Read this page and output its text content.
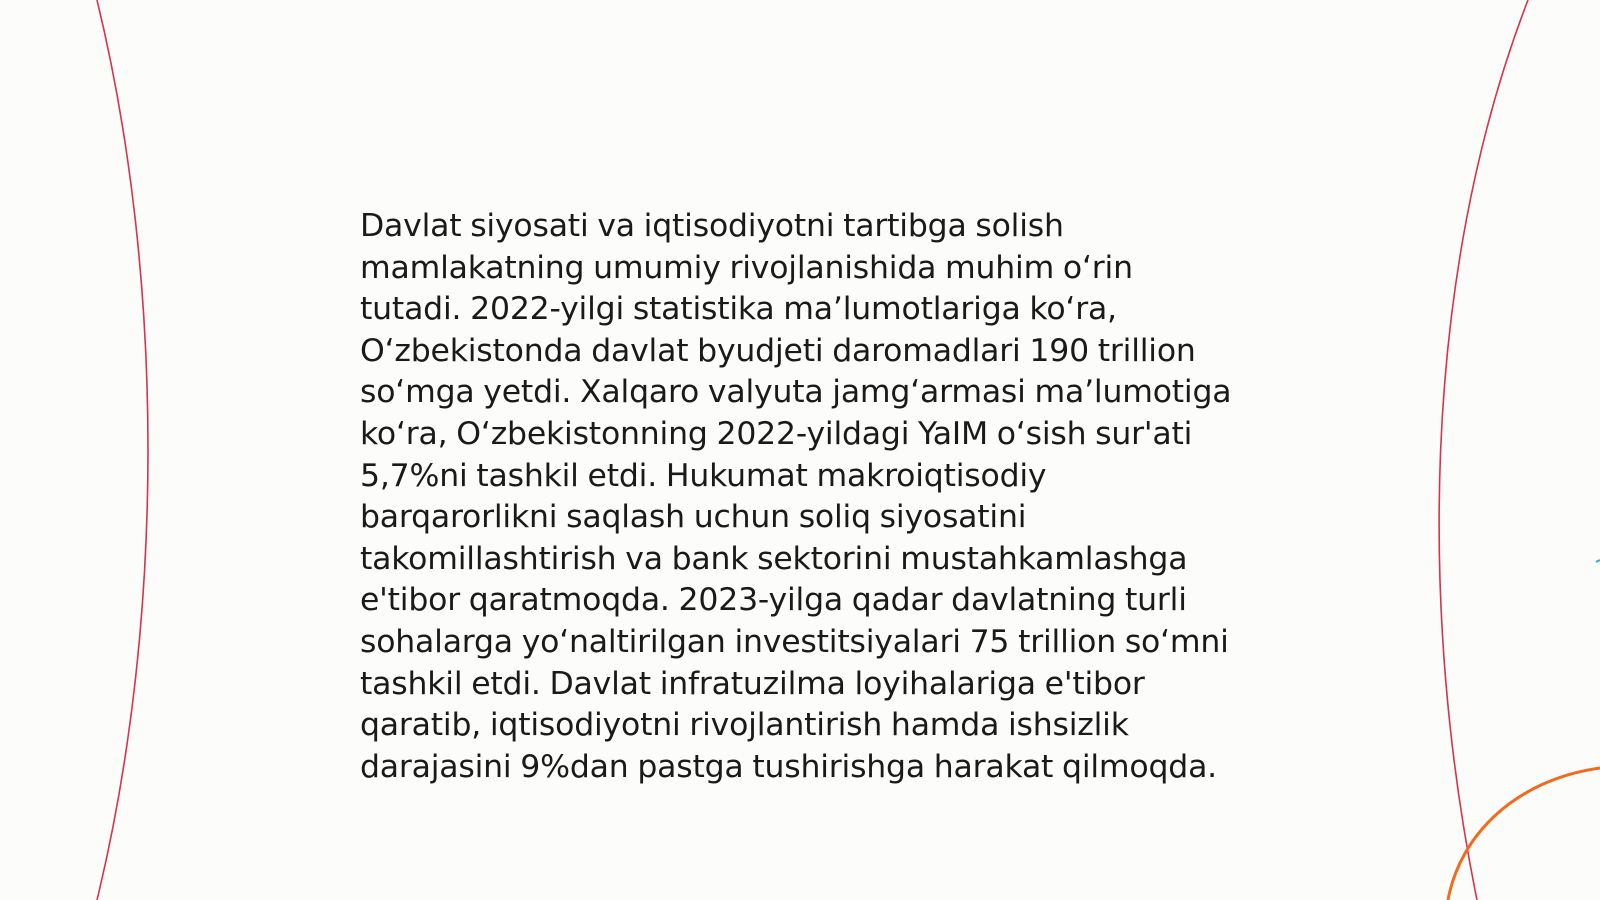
Davlat siyosati va iqtisodiyotni tartibga solish mamlakatning umumiy rivojlanishida muhim o‘rin tutadi. 2022-yilgi statistika ma’lumotlariga ko‘ra, O‘zbekistonda davlat byudjeti daromadlari 190 trillion so‘mga yetdi. Xalqaro valyuta jamg‘armasi ma’lumotiga ko‘ra, O‘zbekistonning 2022-yildagi YaIM o‘sish sur'ati 5,7%ni tashkil etdi. Hukumat makroiqtisodiy barqarorlikni saqlash uchun soliq siyosatini takomillashtirish va bank sektorini mustahkamlashga e'tibor qaratmoqda. 2023-yilga qadar davlatning turli sohalarga yo‘naltirilgan investitsiyalari 75 trillion so‘mni tashkil etdi. Davlat infratuzilma loyihalariga e'tibor qaratib, iqtisodiyotni rivojlantirish hamda ishsizlik darajasini 9%dan pastga tushirishga harakat qilmoqda.
